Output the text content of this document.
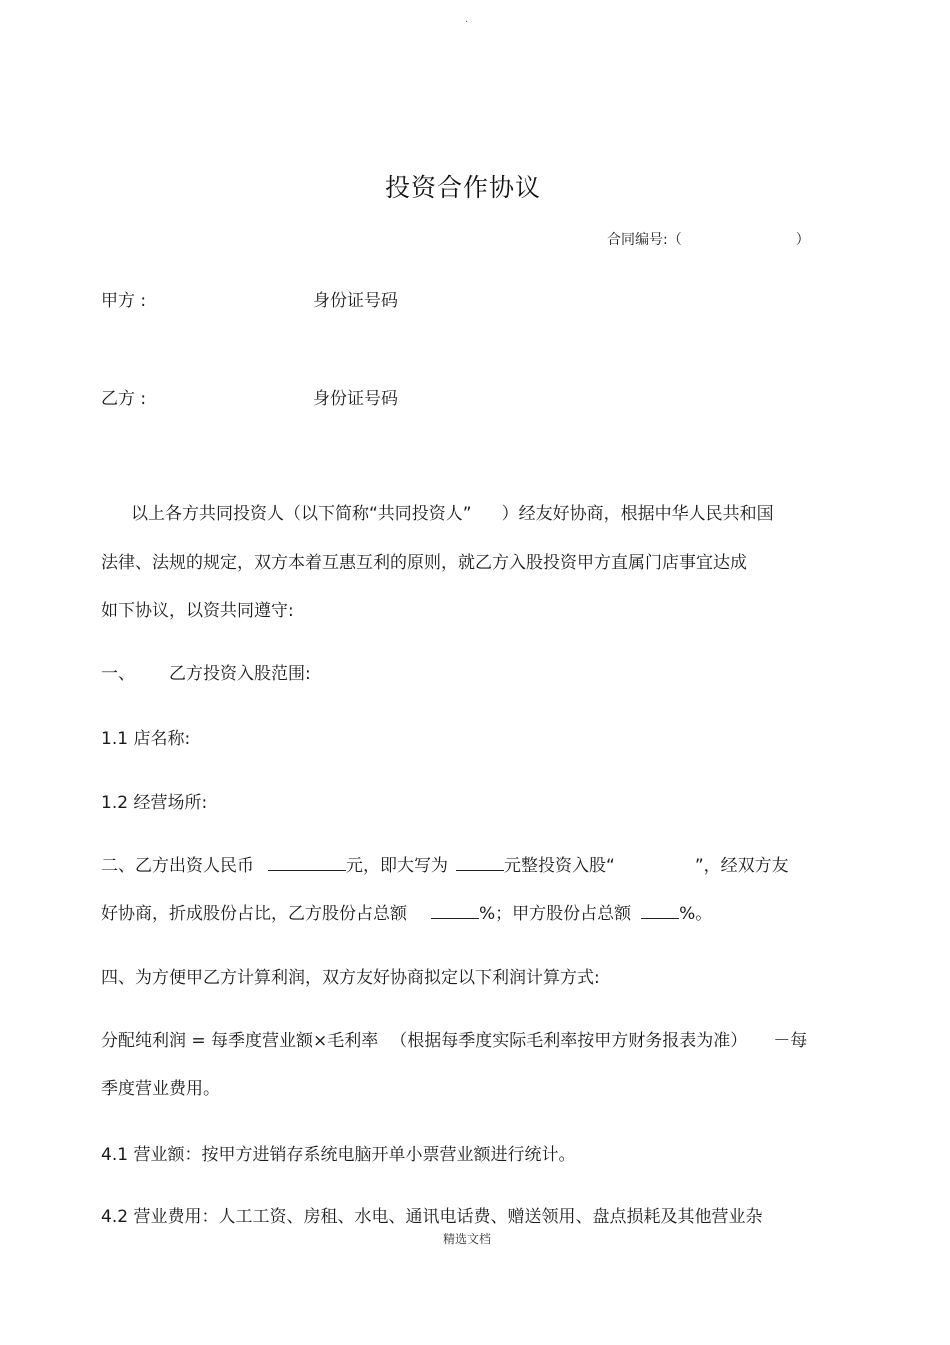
.
投资合作协议
合同编号:（	）
甲方 :	身份证号码
乙方 :	身份证号码
以上各方共同投资人（以下简称“共同投资人” ）经友好协商，根据中华人民共和国
法律、法规的规定，双方本着互惠互利的原则，就乙方入股投资甲方直属门店事宜达成
如下协议，以资共同遵守:
一、 乙方投资入股范围:
1.1 店名称:
1.2 经营场所:
二、乙方出资人民币	元，即大写为	元整投资入股“	”，经双方友
好协商，折成股份占比，乙方股份占总额	%；甲方股份占总额	%。
四、为方便甲乙方计算利润，双方友好协商拟定以下利润计算方式:
分配纯利润 = 每季度营业额×毛利率 （根据每季度实际毛利率按甲方财务报表为准） －每
季度营业费用。
4.1 营业额：按甲方进销存系统电脑开单小票营业额进行统计。
4.2 营业费用：人工工资、房租、水电、通讯电话费、赠送领用、盘点损耗及其他营业杂
精选文档
